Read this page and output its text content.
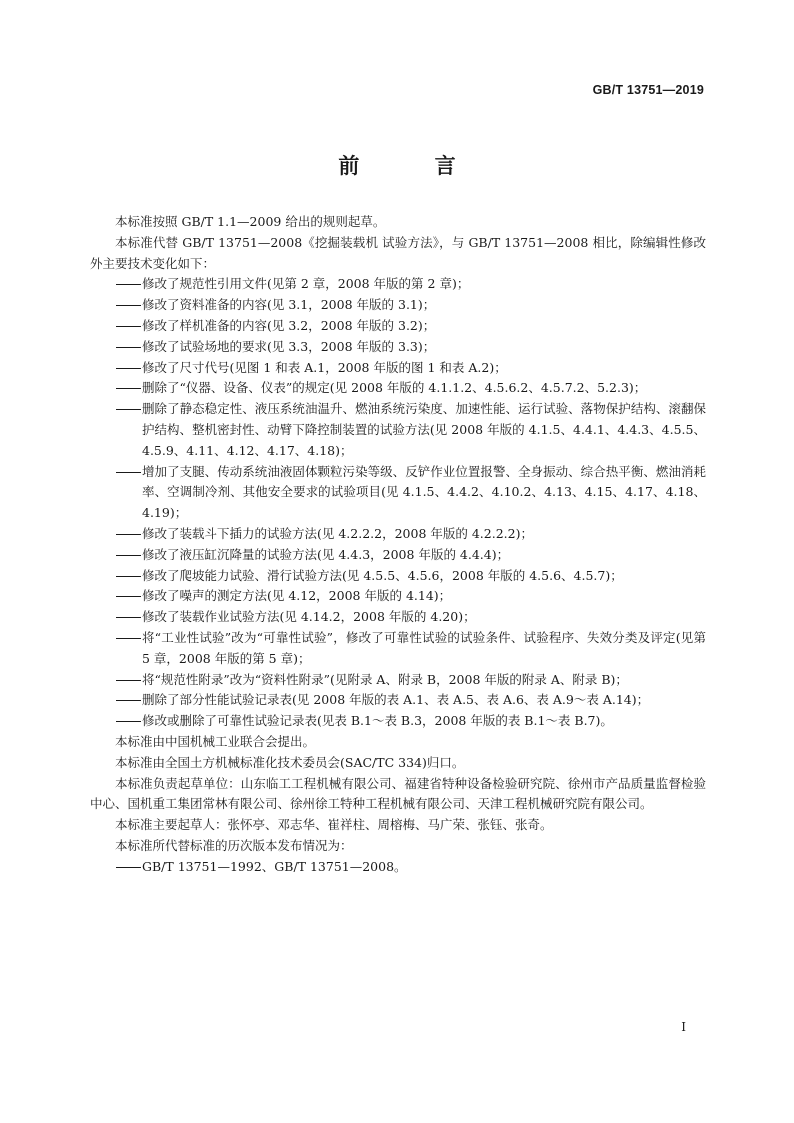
GB/T 13751—2019
前 言

本标准按照 GB/T 1.1—2009 给出的规则起草。

本标准代替 GB/T 13751—2008《挖掘装载机 试验方法》，与 GB/T 13751—2008 相比，除编辑性修改外主要技术变化如下：

修改了规范性引用文件(见第 2 章，2008 年版的第 2 章)；

修改了资料准备的内容(见 3.1，2008 年版的 3.1)；

修改了样机准备的内容(见 3.2，2008 年版的 3.2)；

修改了试验场地的要求(见 3.3，2008 年版的 3.3)；

修改了尺寸代号(见图 1 和表 A.1，2008 年版的图 1 和表 A.2)；

删除了“仪器、设备、仪表”的规定(见 2008 年版的 4.1.1.2、4.5.6.2、4.5.7.2、5.2.3)；

删除了静态稳定性、液压系统油温升、燃油系统污染度、加速性能、运行试验、落物保护结构、滚翻保护结构、整机密封性、动臂下降控制装置的试验方法(见 2008 年版的 4.1.5、4.4.1、4.4.3、4.5.5、4.5.9、4.11、4.12、4.17、4.18)；

增加了支腿、传动系统油液固体颗粒污染等级、反铲作业位置报警、全身振动、综合热平衡、燃油消耗率、空调制冷剂、其他安全要求的试验项目(见 4.1.5、4.4.2、4.10.2、4.13、4.15、4.17、4.18、4.19)；

修改了装载斗下插力的试验方法(见 4.2.2.2，2008 年版的 4.2.2.2)；

修改了液压缸沉降量的试验方法(见 4.4.3，2008 年版的 4.4.4)；

修改了爬坡能力试验、滑行试验方法(见 4.5.5、4.5.6，2008 年版的 4.5.6、4.5.7)；

修改了噪声的测定方法(见 4.12，2008 年版的 4.14)；

修改了装载作业试验方法(见 4.14.2，2008 年版的 4.20)；

将“工业性试验”改为“可靠性试验”，修改了可靠性试验的试验条件、试验程序、失效分类及评定(见第 5 章，2008 年版的第 5 章)；

将“规范性附录”改为“资料性附录”(见附录 A、附录 B，2008 年版的附录 A、附录 B)；

删除了部分性能试验记录表(见 2008 年版的表 A.1、表 A.5、表 A.6、表 A.9～表 A.14)；

修改或删除了可靠性试验记录表(见表 B.1～表 B.3，2008 年版的表 B.1～表 B.7)。

本标准由中国机械工业联合会提出。

本标准由全国土方机械标准化技术委员会(SAC/TC 334)归口。

本标准负责起草单位：山东临工工程机械有限公司、福建省特种设备检验研究院、徐州市产品质量监督检验中心、国机重工集团常林有限公司、徐州徐工特种工程机械有限公司、天津工程机械研究院有限公司。

本标准主要起草人：张怀亭、邓志华、崔祥柱、周榕梅、马广荣、张钰、张奇。

本标准所代替标准的历次版本发布情况为：

GB/T 13751—1992、GB/T 13751—2008。

I
